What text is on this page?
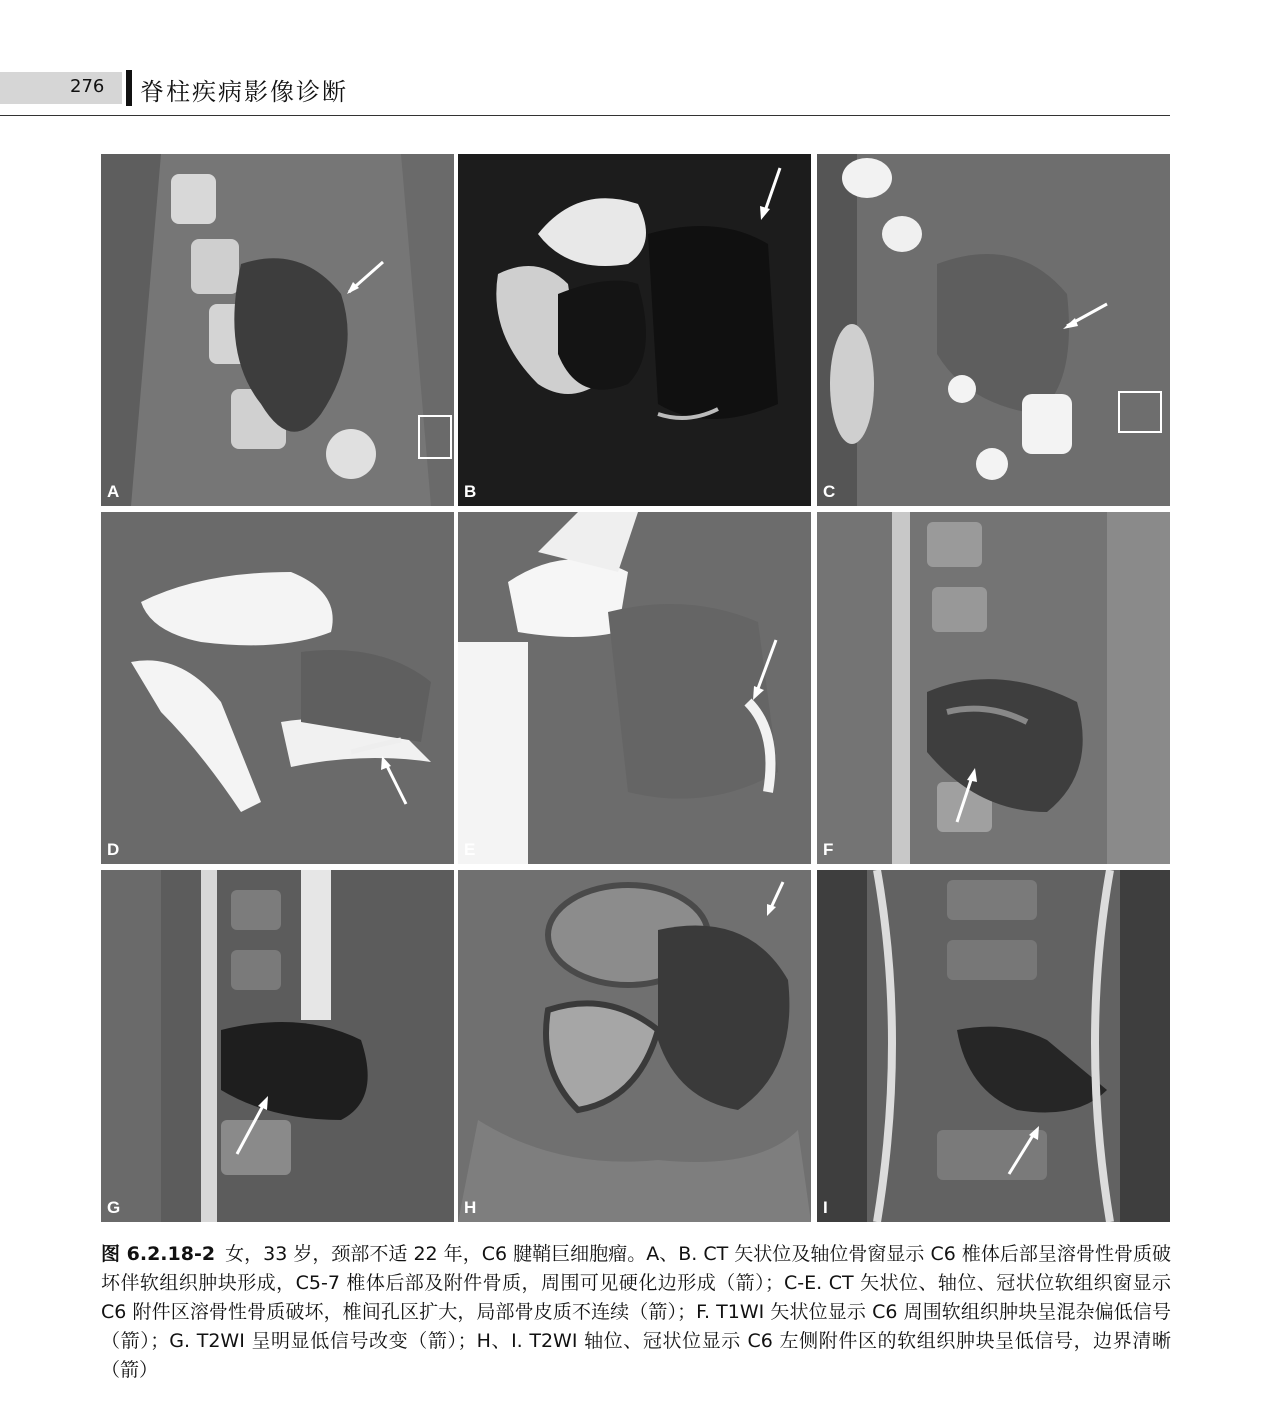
276 脊柱疾病影像诊断
A	B	C
D	E	F
G	H	I
图 6.2.18-2 女，33 岁，颈部不适 22 年，C6 腱鞘巨细胞瘤。A、B. CT 矢状位及轴位骨窗显示 C6 椎体后部呈溶骨性骨质破坏伴软组织肿块形成，C5-7 椎体后部及附件骨质，周围可见硬化边形成（箭）；C-E. CT 矢状位、轴位、冠状位软组织窗显示 C6 附件区溶骨性骨质破坏，椎间孔区扩大，局部骨皮质不连续（箭）；F. T1WI 矢状位显示 C6 周围软组织肿块呈混杂偏低信号（箭）；G. T2WI 呈明显低信号改变（箭）；H、I. T2WI 轴位、冠状位显示 C6 左侧附件区的软组织肿块呈低信号，边界清晰（箭）
